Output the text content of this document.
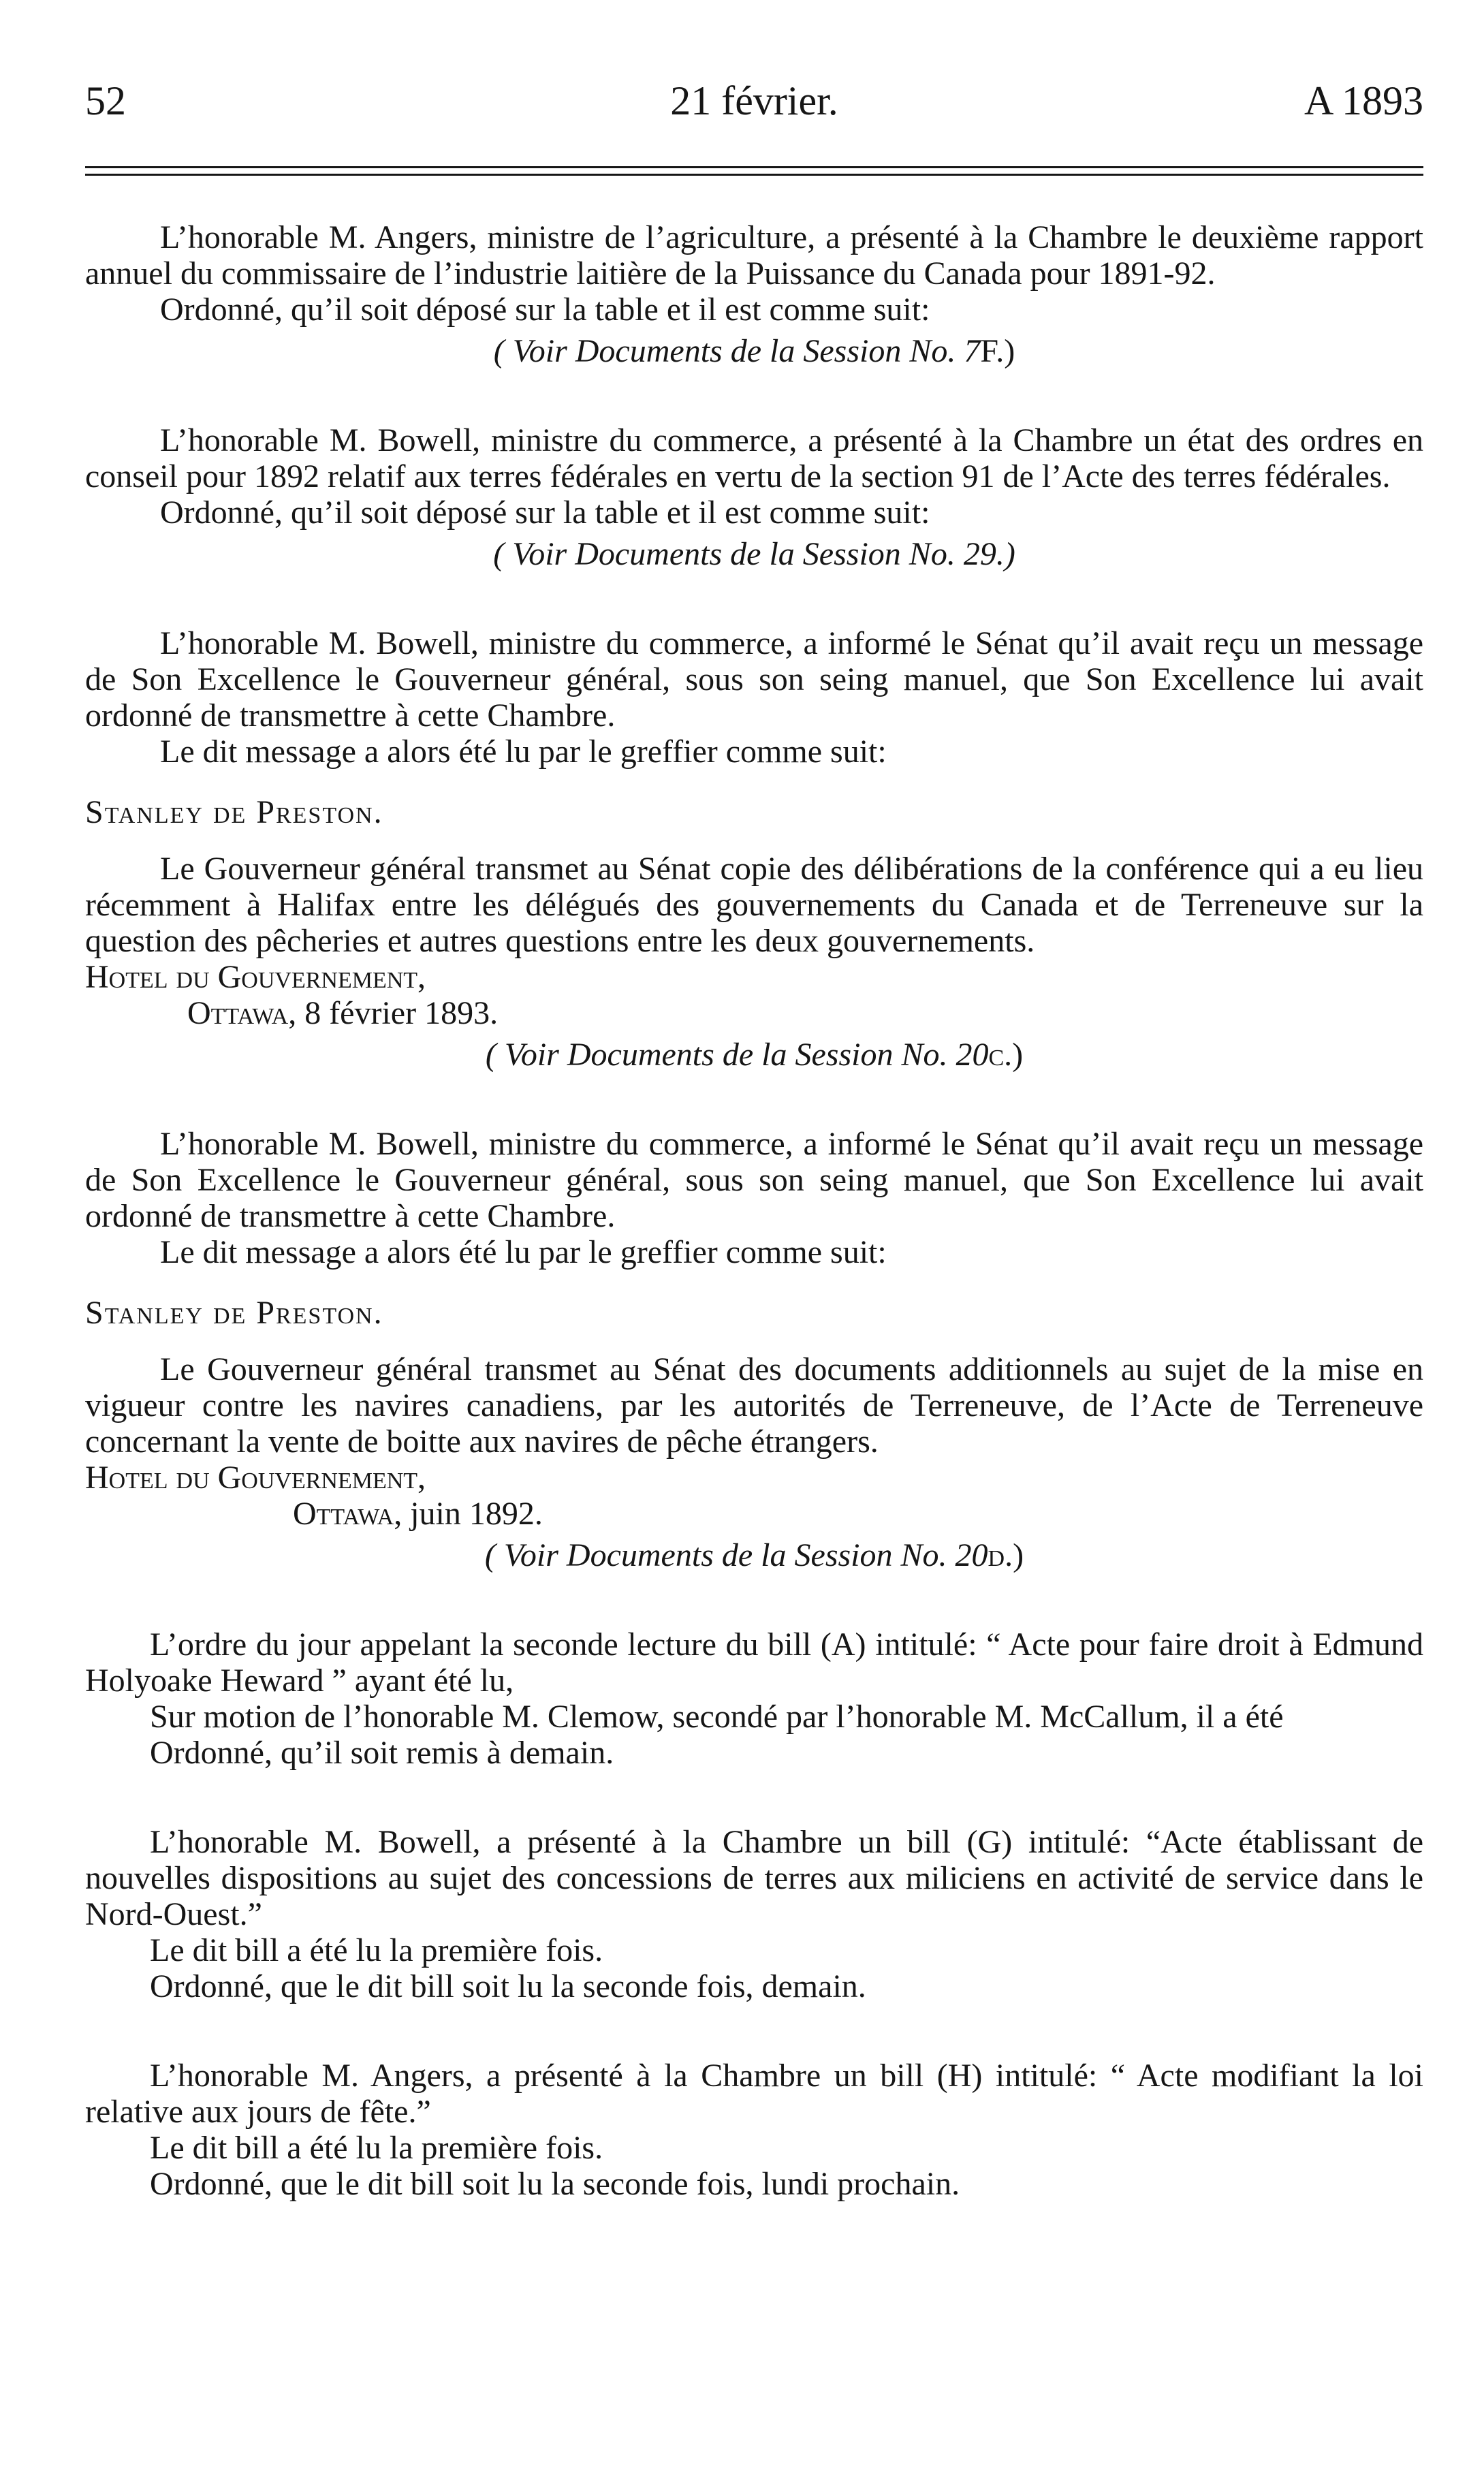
52	21 février.	A 1893

L’honorable M. Angers, ministre de l’agriculture, a présenté à la Chambre le deuxième rapport annuel du commissaire de l’industrie laitière de la Puissance du Canada pour 1891-92.

Ordonné, qu’il soit déposé sur la table et il est comme suit:

( Voir Documents de la Session No. 7F.)

L’honorable M. Bowell, ministre du commerce, a présenté à la Chambre un état des ordres en conseil pour 1892 relatif aux terres fédérales en vertu de la section 91 de l’Acte des terres fédérales.

Ordonné, qu’il soit déposé sur la table et il est comme suit:

( Voir Documents de la Session No. 29.)

L’honorable M. Bowell, ministre du commerce, a informé le Sénat qu’il avait reçu un message de Son Excellence le Gouverneur général, sous son seing manuel, que Son Excellence lui avait ordonné de transmettre à cette Chambre.

Le dit message a alors été lu par le greffier comme suit:

Stanley de Preston.

Le Gouverneur général transmet au Sénat copie des délibérations de la conférence qui a eu lieu récemment à Halifax entre les délégués des gouvernements du Canada et de Terreneuve sur la question des pêcheries et autres questions entre les deux gouvernements.

Hotel du Gouvernement,

Ottawa, 8 février 1893.

( Voir Documents de la Session No. 20c.)

L’honorable M. Bowell, ministre du commerce, a informé le Sénat qu’il avait reçu un message de Son Excellence le Gouverneur général, sous son seing manuel, que Son Excellence lui avait ordonné de transmettre à cette Chambre.

Le dit message a alors été lu par le greffier comme suit:

Stanley de Preston.

Le Gouverneur général transmet au Sénat des documents additionnels au sujet de la mise en vigueur contre les navires canadiens, par les autorités de Terreneuve, de l’Acte de Terreneuve concernant la vente de boitte aux navires de pêche étrangers.

Hotel du Gouvernement,

Ottawa, juin 1892.

( Voir Documents de la Session No. 20d.)

L’ordre du jour appelant la seconde lecture du bill (A) intitulé: “ Acte pour faire droit à Edmund Holyoake Heward ” ayant été lu,

Sur motion de l’honorable M. Clemow, secondé par l’honorable M. McCallum, il a été

Ordonné, qu’il soit remis à demain.

L’honorable M. Bowell, a présenté à la Chambre un bill (G) intitulé: “Acte établissant de nouvelles dispositions au sujet des concessions de terres aux miliciens en activité de service dans le Nord-Ouest.”

Le dit bill a été lu la première fois.

Ordonné, que le dit bill soit lu la seconde fois, demain.

L’honorable M. Angers, a présenté à la Chambre un bill (H) intitulé: “ Acte modifiant la loi relative aux jours de fête.”

Le dit bill a été lu la première fois.

Ordonné, que le dit bill soit lu la seconde fois, lundi prochain.
